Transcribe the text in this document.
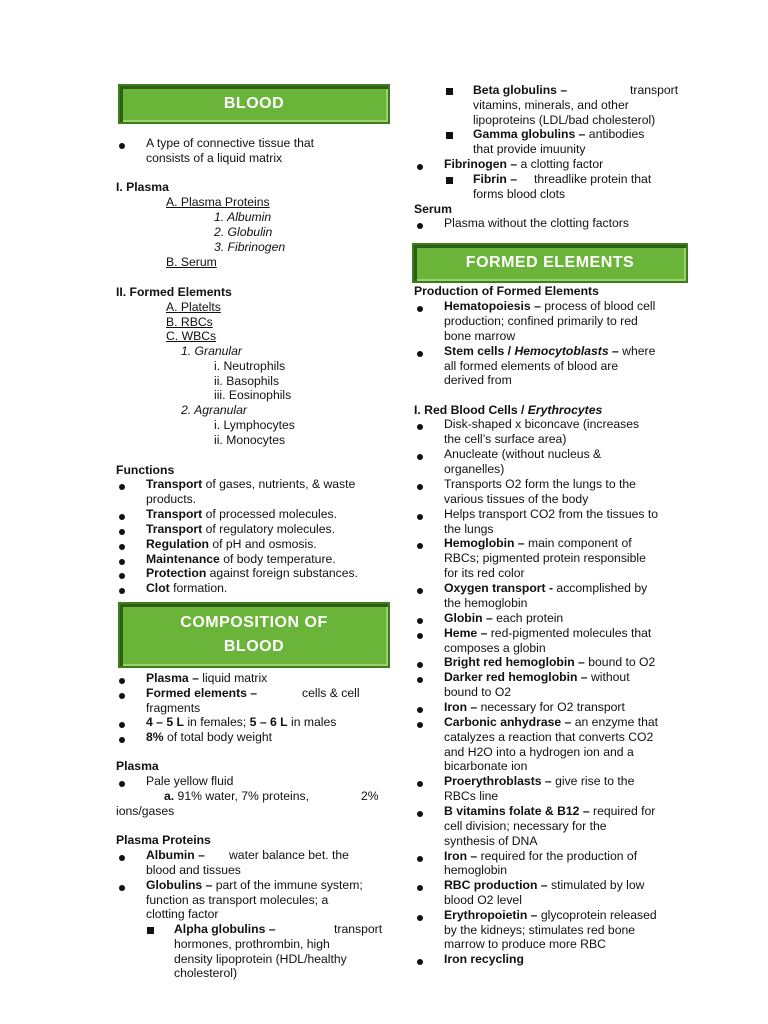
BLOOD
A type of connective tissue that
consists of a liquid matrix
I. Plasma
A. Plasma Proteins
1. Albumin
2. Globulin
3. Fibrinogen
B. Serum
II. Formed Elements
A. Platelts
B. RBCs
C. WBCs
1. Granular
i. Neutrophils
ii. Basophils
iii. Eosinophils
2. Agranular
i. Lymphocytes
ii. Monocytes
Functions
Transport of gases, nutrients, & waste
products.
Transport of processed molecules.
Transport of regulatory molecules.
Regulation of pH and osmosis.
Maintenance of body temperature.
Protection against foreign substances.
Clot formation.
COMPOSITION OF
BLOOD
Plasma – liquid matrix
Formed elements –	cells & cell
fragments
4 – 5 L in females; 5 – 6 L in males
8% of total body weight
Plasma
Pale yellow fluid
a. 91% water, 7% proteins,	2%
ions/gases
Plasma Proteins
Albumin – water balance bet. the
blood and tissues
Globulins – part of the immune system;
function as transport molecules; a
clotting factor
Alpha globulins –	transport
hormones, prothrombin, high
density lipoprotein (HDL/healthy
cholesterol)
Beta globulins –	transport
vitamins, minerals, and other
lipoproteins (LDL/bad cholesterol)
Gamma globulins – antibodies
that provide imuunity
Fibrinogen – a clotting factor
Fibrin – threadlike protein that
forms blood clots
Serum
Plasma without the clotting factors
FORMED ELEMENTS
Production of Formed Elements
Hematopoiesis – process of blood cell
production; confined primarily to red
bone marrow
Stem cells / Hemocytoblasts – where
all formed elements of blood are
derived from
I. Red Blood Cells / Erythrocytes
Disk-shaped x biconcave (increases
the cell’s surface area)
Anucleate (without nucleus &
organelles)
Transports O2 form the lungs to the
various tissues of the body
Helps transport CO2 from the tissues to
the lungs
Hemoglobin – main component of
RBCs; pigmented protein responsible
for its red color
Oxygen transport - accomplished by
the hemoglobin
Globin – each protein
Heme – red-pigmented molecules that
composes a globin
Bright red hemoglobin – bound to O2
Darker red hemoglobin – without
bound to O2
Iron – necessary for O2 transport
Carbonic anhydrase – an enzyme that
catalyzes a reaction that converts CO2
and H2O into a hydrogen ion and a
bicarbonate ion
Proerythroblasts – give rise to the
RBCs line
B vitamins folate & B12 – required for
cell division; necessary for the
synthesis of DNA
Iron – required for the production of
hemoglobin
RBC production – stimulated by low
blood O2 level
Erythropoietin – glycoprotein released
by the kidneys; stimulates red bone
marrow to produce more RBC
Iron recycling
